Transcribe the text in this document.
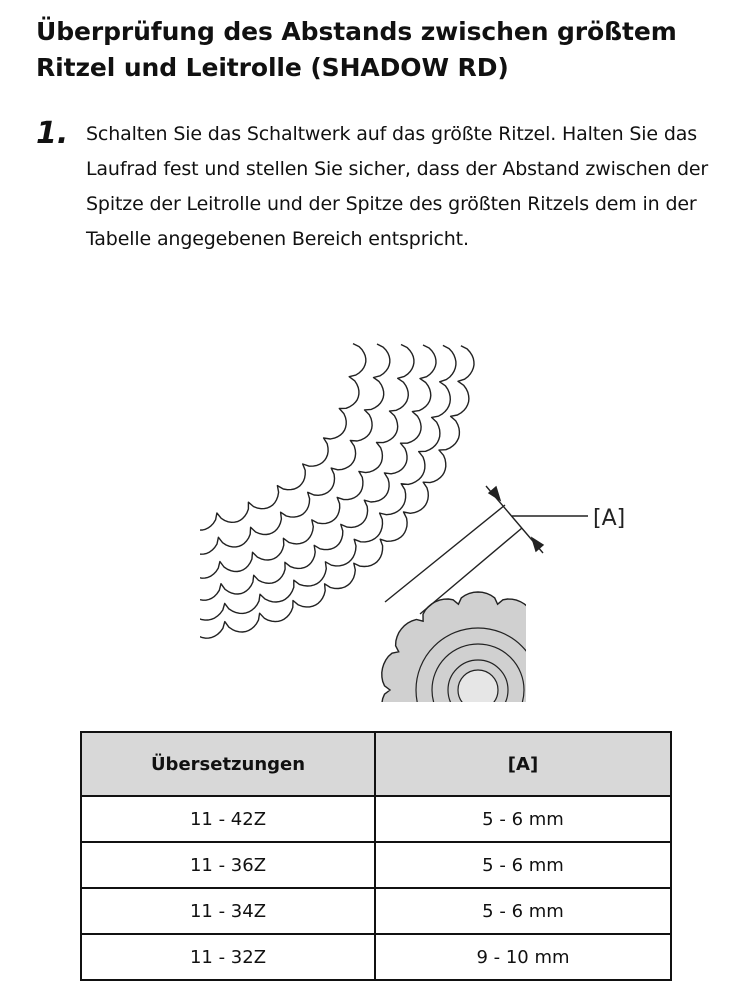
Überprüfung des Abstands zwischen größtem Ritzel und Leitrolle (SHADOW RD)
1. Schalten Sie das Schaltwerk auf das größte Ritzel. Halten Sie das Laufrad fest und stellen Sie sicher, dass der Abstand zwischen der Spitze der Leitrolle und der Spitze des größten Ritzels dem in der Tabelle angegebenen Bereich entspricht.

[A]
Übersetzungen	[A]
11 - 42Z	5 - 6 mm
11 - 36Z	5 - 6 mm
11 - 34Z	5 - 6 mm
11 - 32Z	9 - 10 mm
